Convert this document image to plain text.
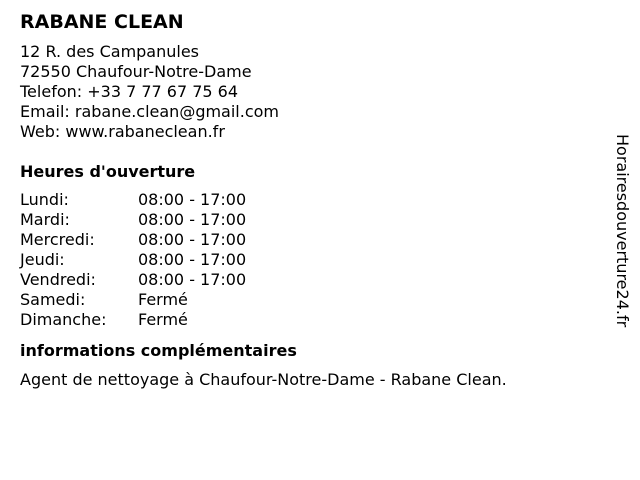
RABANE CLEAN
12 R. des Campanules
72550 Chaufour-Notre-Dame
Telefon: +33 7 77 67 75 64
Email: rabane.clean@gmail.com
Web: www.rabaneclean.fr
Heures d'ouverture
Lundi:	08:00 - 17:00
Mardi:	08:00 - 17:00
Mercredi:	08:00 - 17:00
Jeudi:	08:00 - 17:00
Vendredi:	08:00 - 17:00
Samedi:	Fermé
Dimanche:	Fermé
informations complémentaires
Agent de nettoyage à Chaufour-Notre-Dame - Rabane Clean.
Horairesdouverture24.fr
